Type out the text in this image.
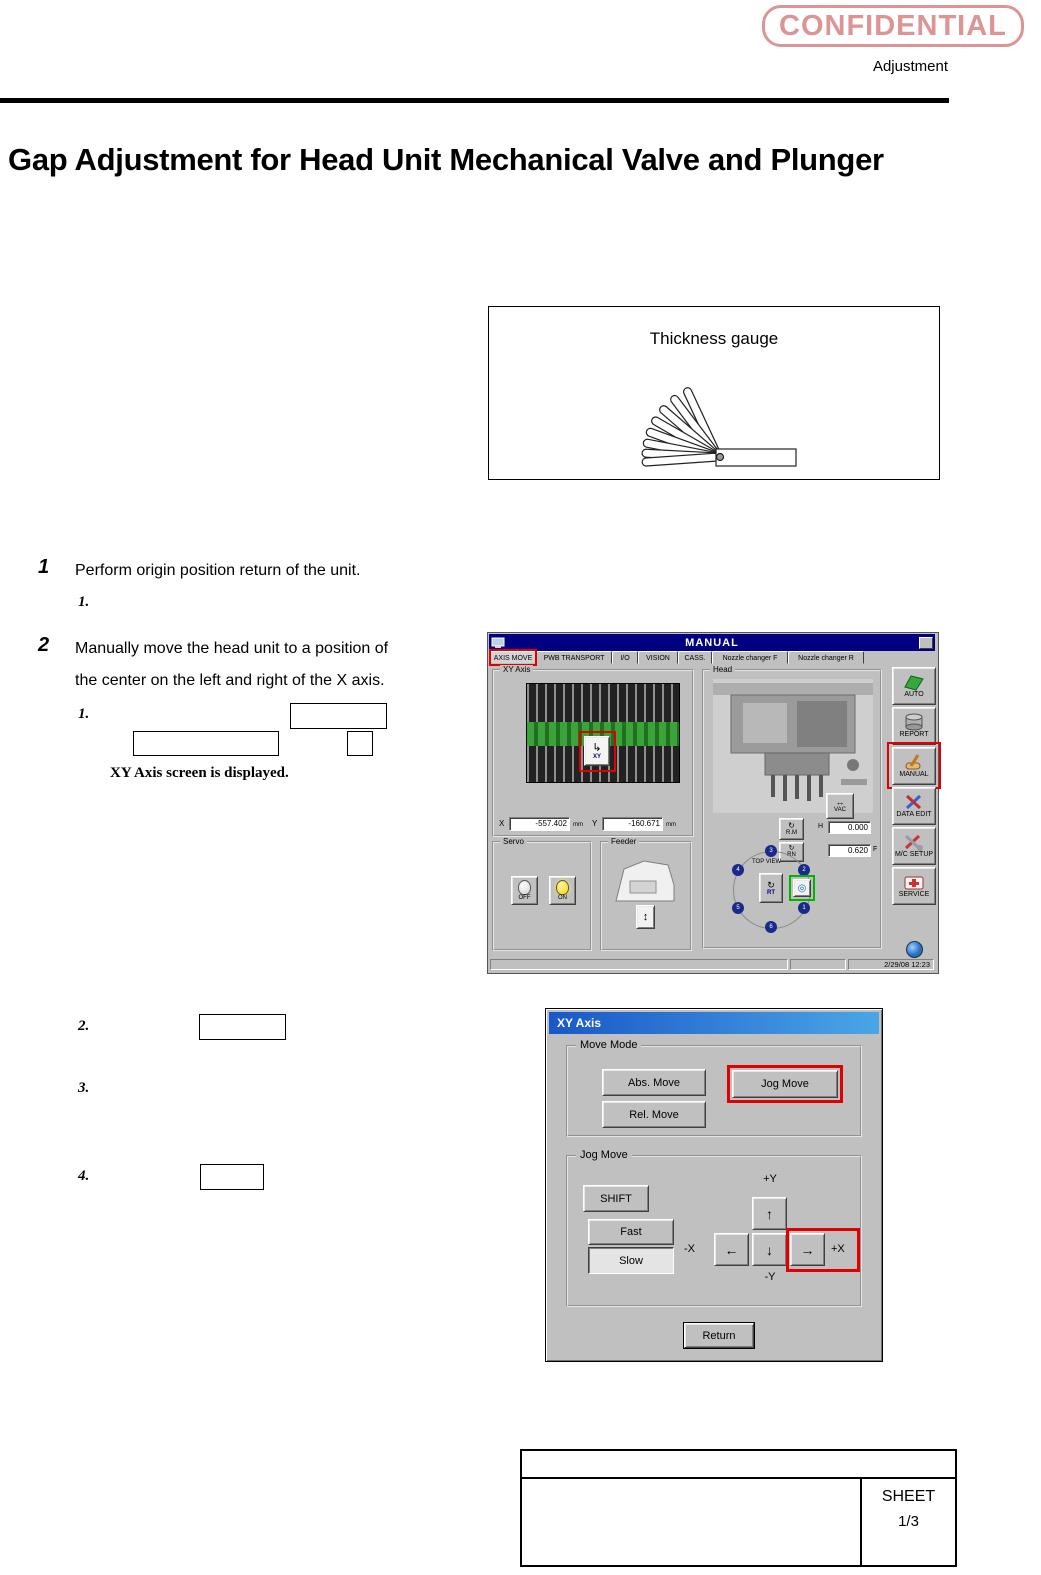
CONFIDENTIAL
Adjustment
Gap Adjustment for Head Unit Mechanical Valve and Plunger
Thickness gauge
1 Perform origin position return of the unit.
1.
2 Manually move the head unit to a position of
the center on the left and right of the X axis.
1.
XY Axis screen is displayed.
2.
3.
4.
MANUAL
AXIS MOVE	PWB TRANSPORT	I/O	VISION	CASS.	Nozzle changer F	Nozzle changer R
XY Axis
↳
XY
X	-557.402	mm Y	-160.671	mm
Head
↔
VAC
↻
R.M
H	0.000
↻
RN	0.620 F
TOP VIEW
3
2
1
6
5
4
↻
RT ◎
Servo
OFF	ON
Feeder
↕
AUTO
REPORT
MANUAL
DATA EDIT
M/C SETUP
SERVICE
2/29/08 12:23
XY Axis
Move Mode
Abs. Move	Jog Move
Rel. Move
Jog Move
SHIFT
Fast
Slow
+Y
↑
-X	←	↓	→	+X
-Y
Return
SHEET
1/3
